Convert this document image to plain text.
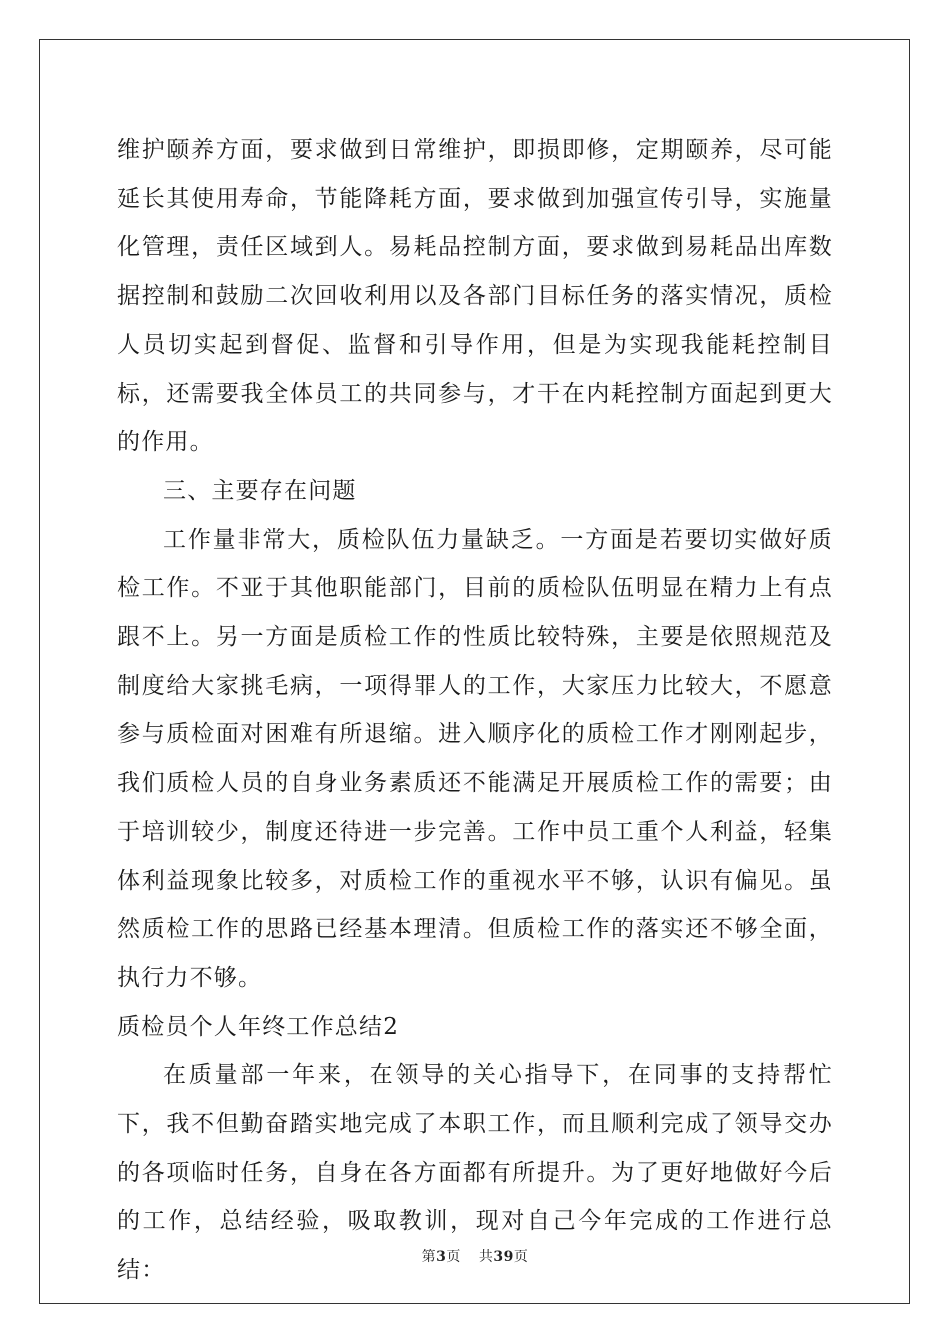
维护颐养方面，要求做到日常维护，即损即修，定期颐养，尽可能延长其使用寿命，节能降耗方面，要求做到加强宣传引导，实施量化管理，责任区域到人。易耗品控制方面，要求做到易耗品出库数据控制和鼓励二次回收利用以及各部门目标任务的落实情况，质检人员切实起到督促、监督和引导作用，但是为实现我能耗控制目标，还需要我全体员工的共同参与，才干在内耗控制方面起到更大的作用。

三、主要存在问题

工作量非常大，质检队伍力量缺乏。一方面是若要切实做好质检工作。不亚于其他职能部门，目前的质检队伍明显在精力上有点跟不上。另一方面是质检工作的性质比较特殊，主要是依照规范及制度给大家挑毛病，一项得罪人的工作，大家压力比较大，不愿意参与质检面对困难有所退缩。进入顺序化的质检工作才刚刚起步，我们质检人员的自身业务素质还不能满足开展质检工作的需要；由于培训较少，制度还待进一步完善。工作中员工重个人利益，轻集体利益现象比较多，对质检工作的重视水平不够，认识有偏见。虽然质检工作的思路已经基本理清。但质检工作的落实还不够全面，执行力不够。

质检员个人年终工作总结2

在质量部一年来，在领导的关心指导下，在同事的支持帮忙下，我不但勤奋踏实地完成了本职工作，而且顺利完成了领导交办的各项临时任务，自身在各方面都有所提升。为了更好地做好今后的工作，总结经验，吸取教训，现对自己今年完成的工作进行总结：

第3页 共39页
